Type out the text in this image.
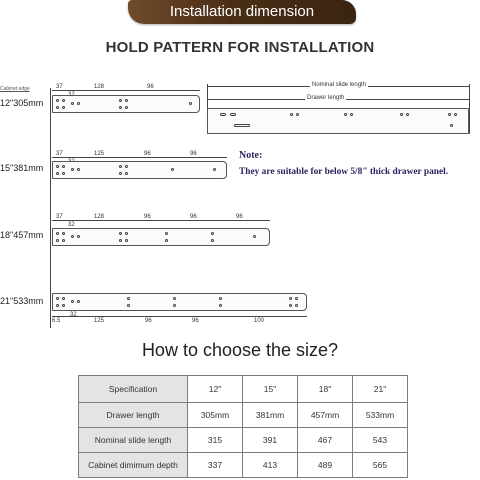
Installation dimension
HOLD PATTERN FOR INSTALLATION
Cabinet edge
12"305mm
37	128	96
15"381mm
37	125	96	96
18"457mm
37
32
128	96	96	96
21"533mm
6.5
32
125	96	96	100
Nominal slide length
Drawer length
Note:
They are suitable for below 5/8" thick drawer panel.
How to choose the size?
Specification	12"	15"	18"	21"
Drawer length	305mm	381mm	457mm	533mm
Nominal slide length	315	391	467	543
Cabinet dimimum depth	337	413	489	565
